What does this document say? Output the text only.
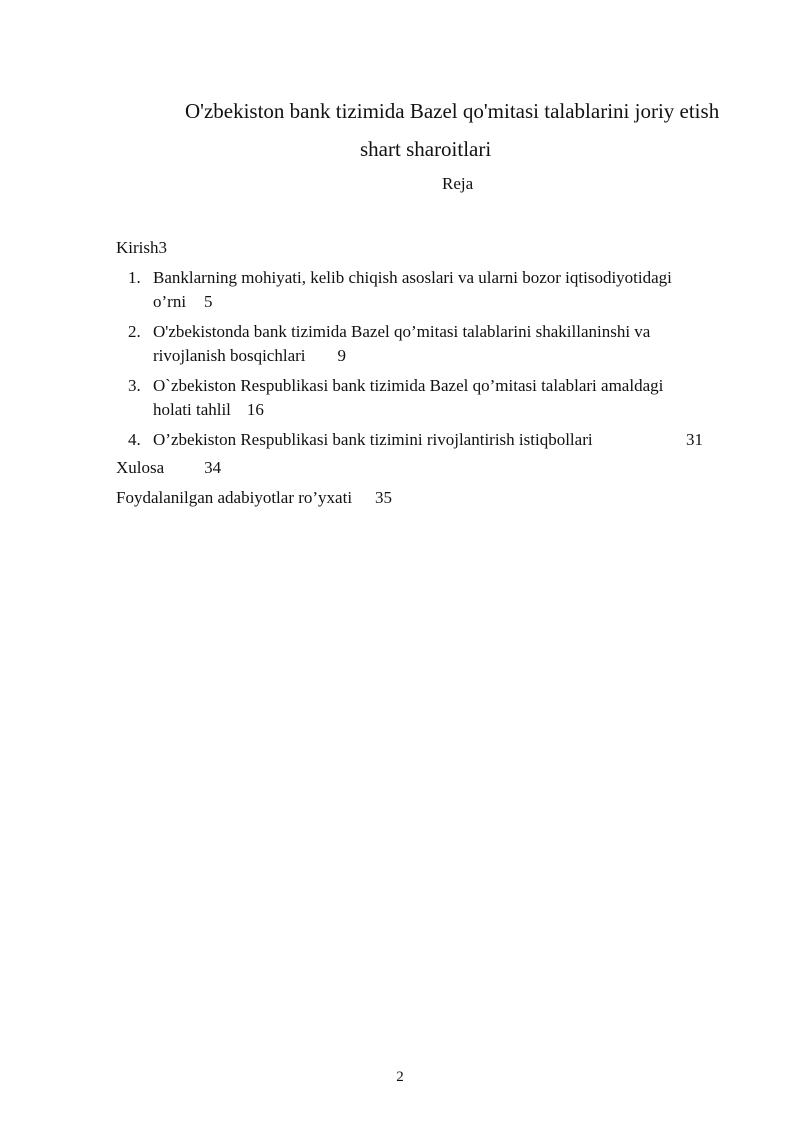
O'zbekiston bank tizimida Bazel qo'mitasi talablarini joriy etish
shart sharoitlari
Reja
Kirish3
1. Banklarning mohiyati, kelib chiqish asoslari va ularni bozor iqtisodiyotidagi
o’rni 5
2. O'zbekistonda bank tizimida Bazel qo’mitasi talablarini shakillaninshi va
rivojlanish bosqichlari 9
3. O`zbekiston Respublikasi bank tizimida Bazel qo’mitasi talablari amaldagi
holati tahlil 16
4. O’zbekiston Respublikasi bank tizimini rivojlantirish istiqbollari	31
Xulosa 34
Foydalanilgan adabiyotlar ro’yxati 35
2
